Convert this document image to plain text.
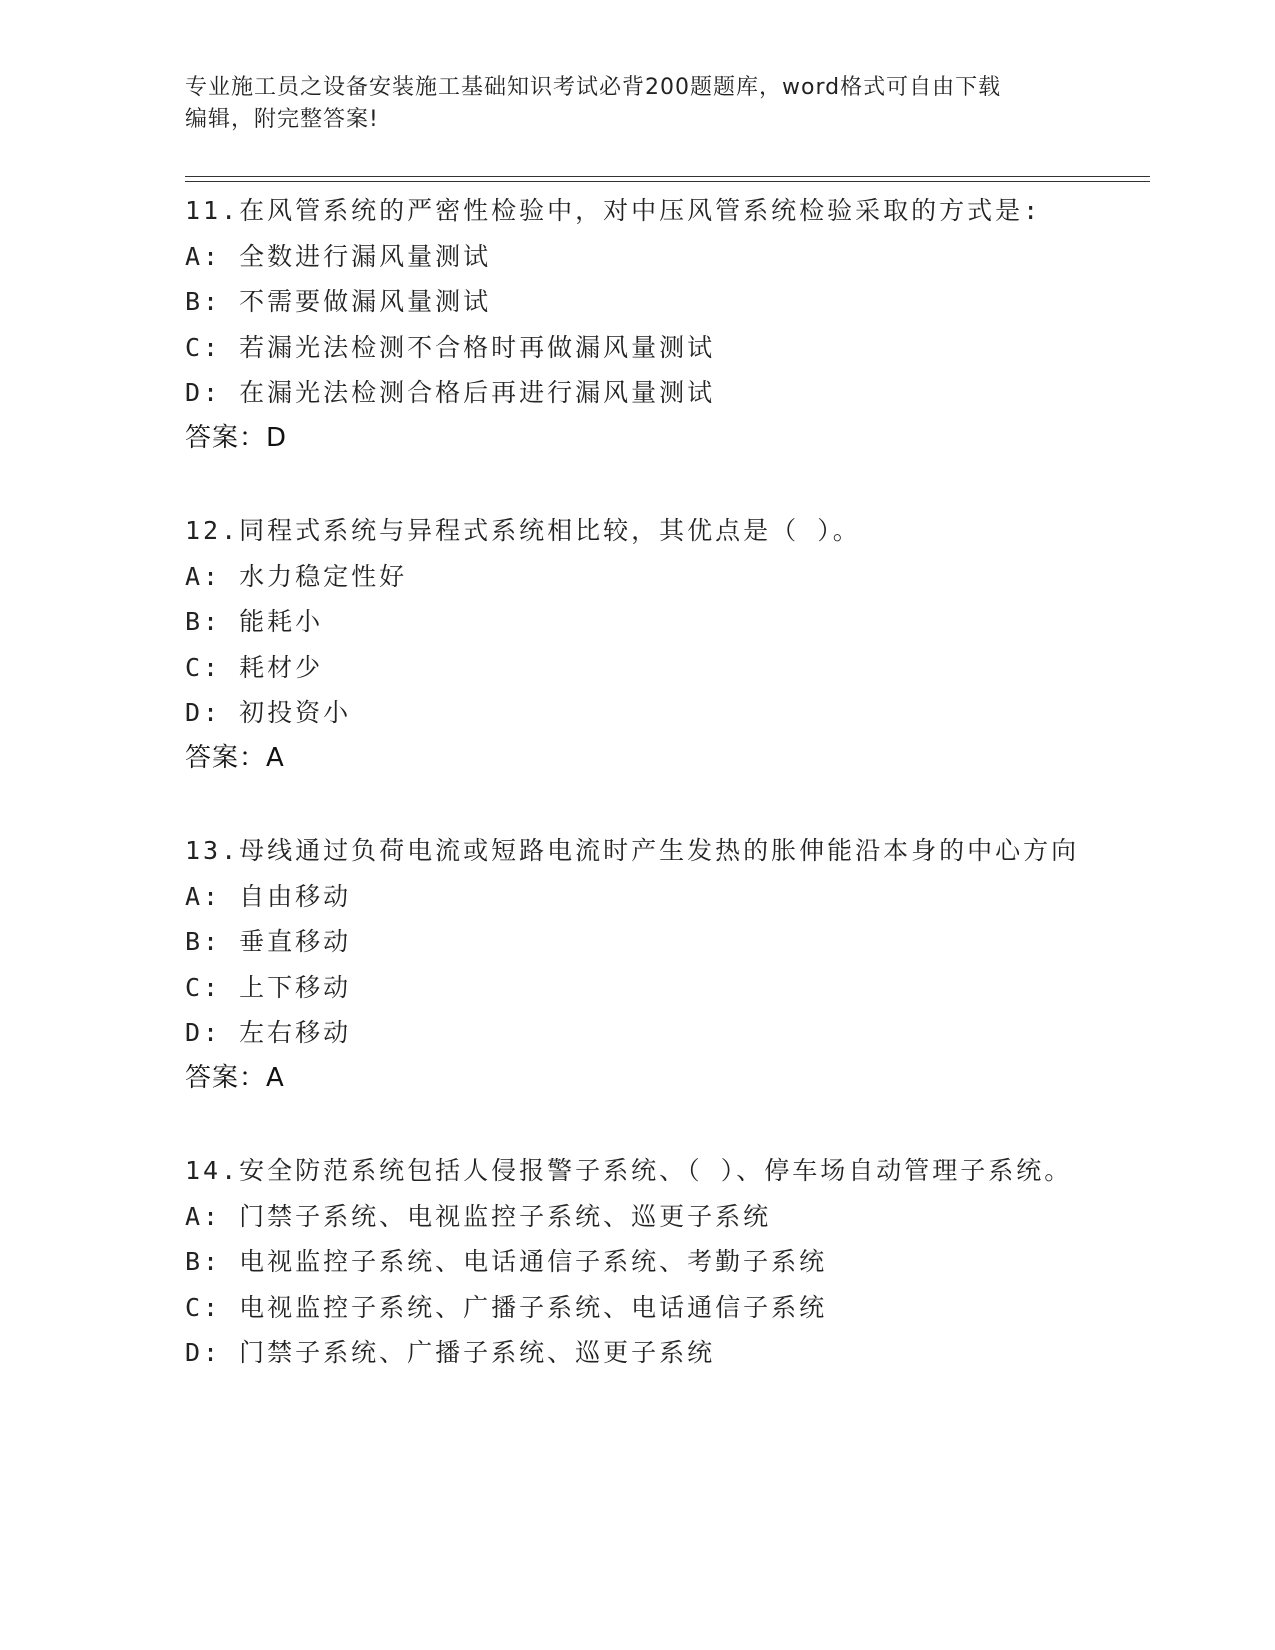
专业施工员之设备安装施工基础知识考试必背200题题库，word格式可自由下载
编辑，附完整答案!
11.在风管系统的严密性检验中，对中压风管系统检验采取的方式是:
A: 全数进行漏风量测试
B: 不需要做漏风量测试
C: 若漏光法检测不合格时再做漏风量测试
D: 在漏光法检测合格后再进行漏风量测试
答案：D
12.同程式系统与异程式系统相比较，其优点是（ ）。
A: 水力稳定性好
B: 能耗小
C: 耗材少
D: 初投资小
答案：A
13.母线通过负荷电流或短路电流时产生发热的胀伸能沿本身的中心方向
A: 自由移动
B: 垂直移动
C: 上下移动
D: 左右移动
答案：A
14.安全防范系统包括人侵报警子系统、（ ）、停车场自动管理子系统。
A: 门禁子系统、电视监控子系统、巡更子系统
B: 电视监控子系统、电话通信子系统、考勤子系统
C: 电视监控子系统、广播子系统、电话通信子系统
D: 门禁子系统、广播子系统、巡更子系统
